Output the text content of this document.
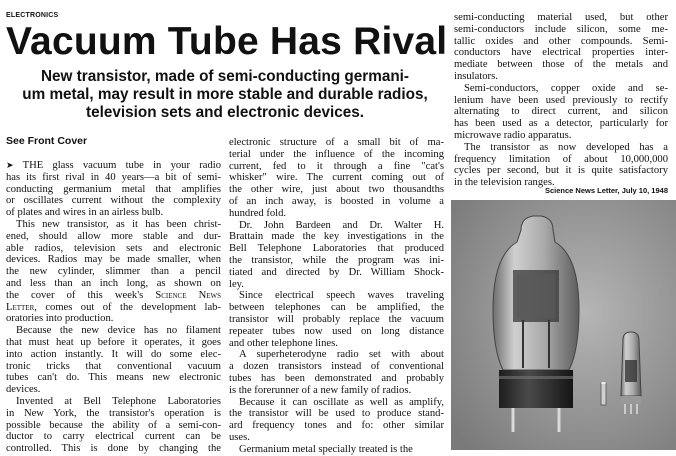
ELECTRONICS
Vacuum Tube Has Rival
New transistor, made of semi-conducting germani-
um metal, may result in more stable and durable radios,
television sets and electronic devices.
See Front Cover
➤ THE glass vacuum tube in your radio
has its first rival in 40 years—a bit of semi-
conducting germanium metal that amplifies
or oscillates current without the complexity
of plates and wires in an airless bulb.
This new transistor, as it has been christ-
ened, should allow more stable and dur-
able radios, television sets and electronic
devices. Radios may be made smaller, when
the new cylinder, slimmer than a pencil
and less than an inch long, as shown on
the cover of this week's Science News
Letter, comes out of the development lab-
oratories into production.
Because the new device has no filament
that must heat up before it operates, it goes
into action instantly. It will do some elec-
tronic tricks that conventional vacuum
tubes can't do. This means new electronic
devices.
Invented at Bell Telephone Laboratories
in New York, the transistor's operation is
possible because the ability of a semi-con-
ductor to carry electrical current can be
controlled. This is done by changing the
electronic structure of a small bit of ma-
terial under the influence of the incoming
current, fed to it through a fine "cat's
whisker" wire. The current coming out of
the other wire, just about two thousandths
of an inch away, is boosted in volume a
hundred fold.
Dr. John Bardeen and Dr. Walter H.
Brattain made the key investigations in the
Bell Telephone Laboratories that produced
the transistor, while the program was ini-
tiated and directed by Dr. William Shock-
ley.
Since electrical speech waves traveling
between telephones can be amplified, the
transistor will probably replace the vacuum
repeater tubes now used on long distance
and other telephone lines.
A superheterodyne radio set with about
a dozen transistors instead of conventional
tubes has been demonstrated and probably
is the forerunner of a new family of radios.
Because it can oscillate as well as amplify,
the transistor will be used to produce stand-
ard frequency tones and fo: other similar
uses.
Germanium metal specially treated is the
semi-conducting material used, but other
semi-conductors include silicon, some me-
tallic oxides and other compounds. Semi-
conductors have electrical properties inter-
mediate between those of the metals and
insulators.
Semi-conductors, copper oxide and se-
lenium have been used previously to rectify
alternating to direct current, and silicon
has been used as a detector, particularly for
microwave radio apparatus.
The transistor as now developed has a
frequency limitation of about 10,000,000
cycles per second, but it is quite satisfactory
in the television ranges.
Science News Letter, July 10, 1948
